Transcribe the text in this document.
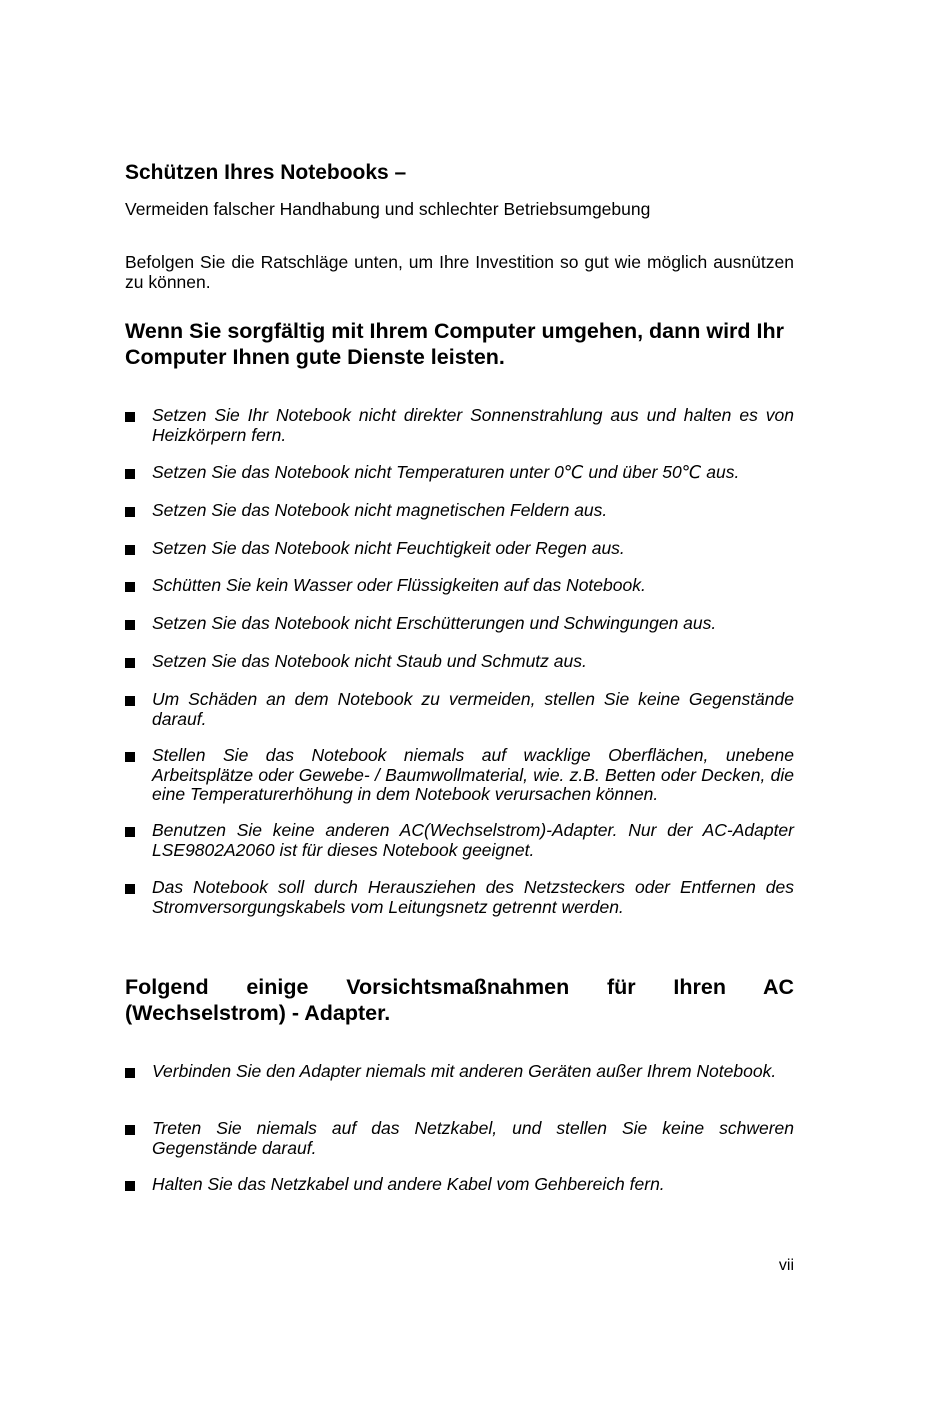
Schützen Ihres Notebooks –

Vermeiden falscher Handhabung und schlechter Betriebsumgebung

Befolgen Sie die Ratschläge unten, um Ihre Investition so gut wie möglich ausnützen zu können.

Wenn Sie sorgfältig mit Ihrem Computer umgehen, dann wird Ihr Computer Ihnen gute Dienste leisten.
Setzen Sie Ihr Notebook nicht direkter Sonnenstrahlung aus und halten es von Heizkörpern fern.
Setzen Sie das Notebook nicht Temperaturen unter 0℃ und über 50℃ aus.
Setzen Sie das Notebook nicht magnetischen Feldern aus.
Setzen Sie das Notebook nicht Feuchtigkeit oder Regen aus.
Schütten Sie kein Wasser oder Flüssigkeiten auf das Notebook.
Setzen Sie das Notebook nicht Erschütterungen und Schwingungen aus.
Setzen Sie das Notebook nicht Staub und Schmutz aus.
Um Schäden an dem Notebook zu vermeiden, stellen Sie keine Gegenstände darauf.
Stellen Sie das Notebook niemals auf wacklige Oberflächen, unebene Arbeitsplätze oder Gewebe- / Baumwollmaterial, wie. z.B. Betten oder Decken, die eine Temperaturerhöhung in dem Notebook verursachen können.
Benutzen Sie keine anderen AC(Wechselstrom)-Adapter. Nur der AC-Adapter LSE9802A2060 ist für dieses Notebook geeignet.
Das Notebook soll durch Herausziehen des Netzsteckers oder Entfernen des Stromversorgungskabels vom Leitungsnetz getrennt werden.
Folgend einige Vorsichtsmaßnahmen für Ihren AC (Wechselstrom) - Adapter.
Verbinden Sie den Adapter niemals mit anderen Geräten außer Ihrem Notebook.
Treten Sie niemals auf das Netzkabel, und stellen Sie keine schweren Gegenstände darauf.
Halten Sie das Netzkabel und andere Kabel vom Gehbereich fern.
vii
